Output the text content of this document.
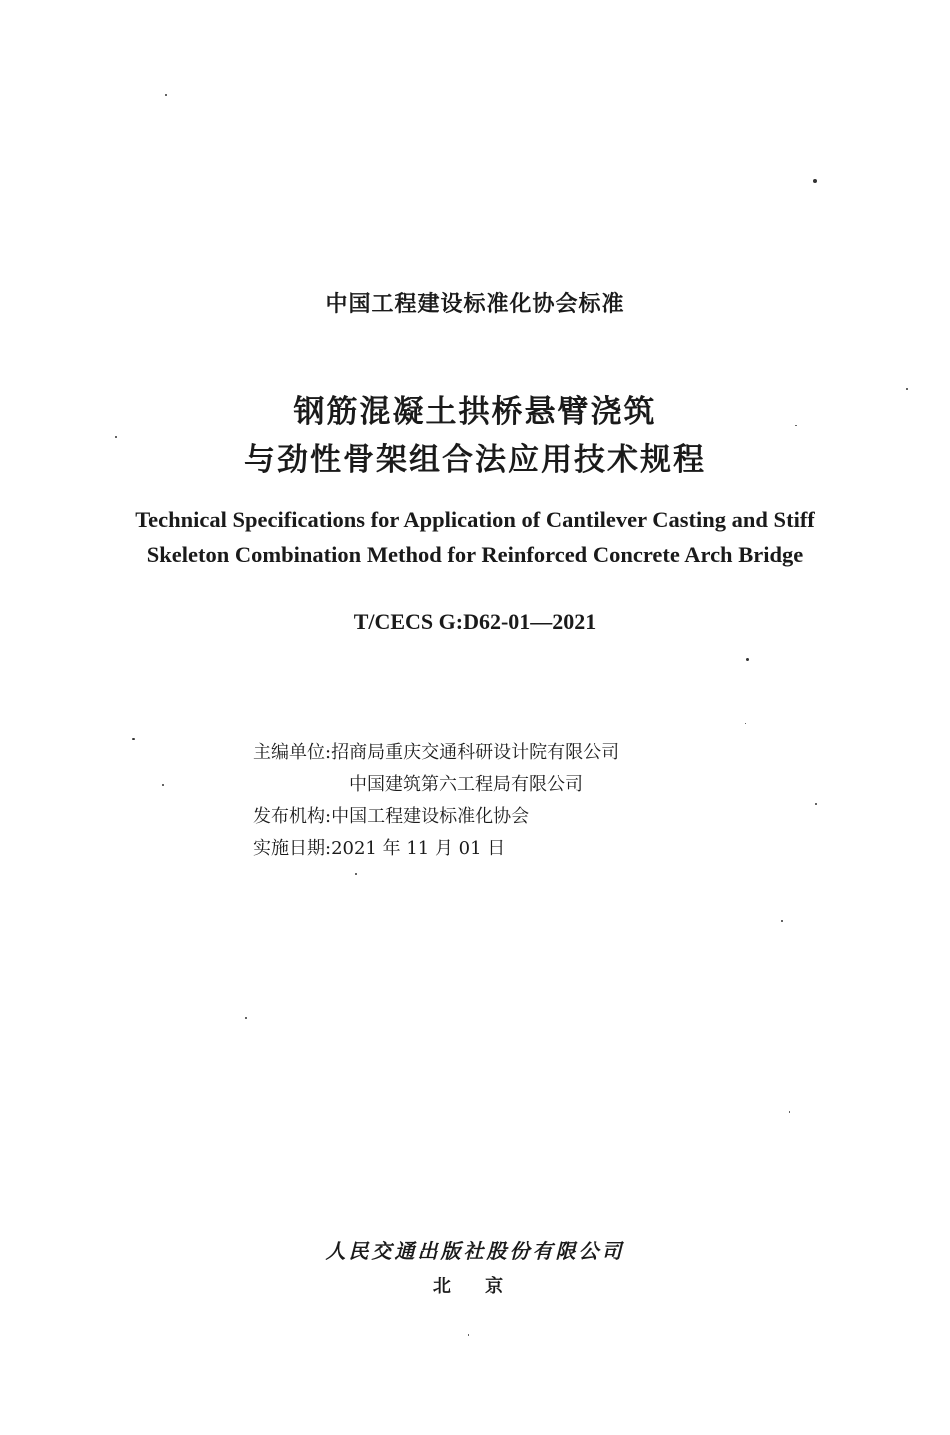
中国工程建设标准化协会标准
钢筋混凝土拱桥悬臂浇筑
与劲性骨架组合法应用技术规程
Technical Specifications for Application of Cantilever Casting and Stiff
Skeleton Combination Method for Reinforced Concrete Arch Bridge
T/CECS G:D62-01—2021
主编单位:招商局重庆交通科研设计院有限公司
中国建筑第六工程局有限公司
发布机构:中国工程建设标准化协会
实施日期:2021 年 11 月 01 日
人民交通出版社股份有限公司
北 京
